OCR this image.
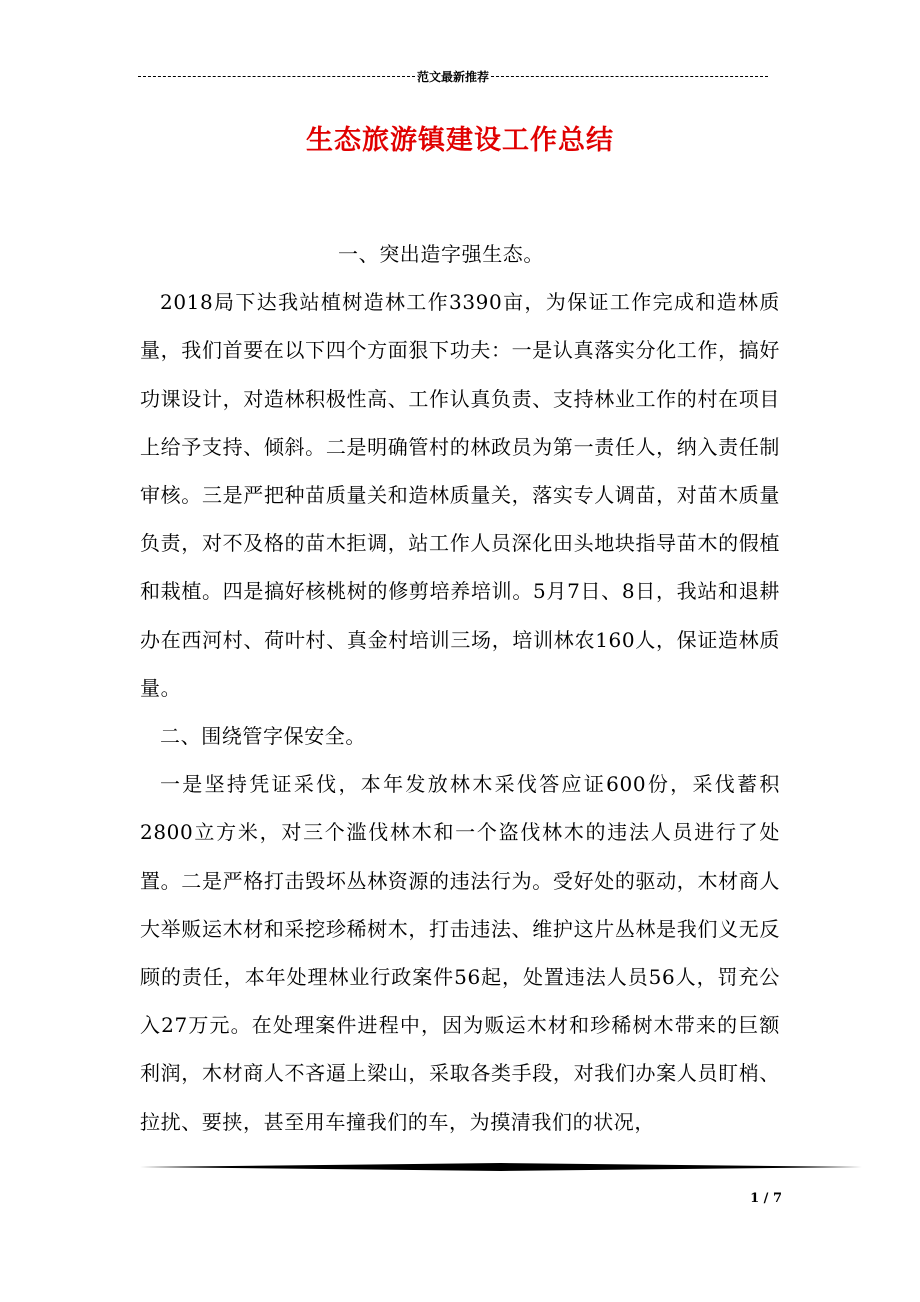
范文最新推荐
生态旅游镇建设工作总结

一、突出造字强生态。

2018局下达我站植树造林工作3390亩，为保证工作完成和造林质量，我们首要在以下四个方面狠下功夫：一是认真落实分化工作，搞好功课设计，对造林积极性高、工作认真负责、支持林业工作的村在项目上给予支持、倾斜。二是明确管村的林政员为第一责任人，纳入责任制审核。三是严把种苗质量关和造林质量关，落实专人调苗，对苗木质量负责，对不及格的苗木拒调，站工作人员深化田头地块指导苗木的假植和栽植。四是搞好核桃树的修剪培养培训。5月7日、8日，我站和退耕办在西河村、荷叶村、真金村培训三场，培训林农160人，保证造林质量。

二、围绕管字保安全。

一是坚持凭证采伐，本年发放林木采伐答应证600份，采伐蓄积2800立方米，对三个滥伐林木和一个盗伐林木的违法人员进行了处置。二是严格打击毁坏丛林资源的违法行为。受好处的驱动，木材商人大举贩运木材和采挖珍稀树木，打击违法、维护这片丛林是我们义无反顾的责任，本年处理林业行政案件56起，处置违法人员56人，罚充公入27万元。在处理案件进程中，因为贩运木材和珍稀树木带来的巨额利润，木材商人不吝逼上梁山，采取各类手段，对我们办案人员盯梢、拉扰、要挟，甚至用车撞我们的车，为摸清我们的状况，

1 / 7
